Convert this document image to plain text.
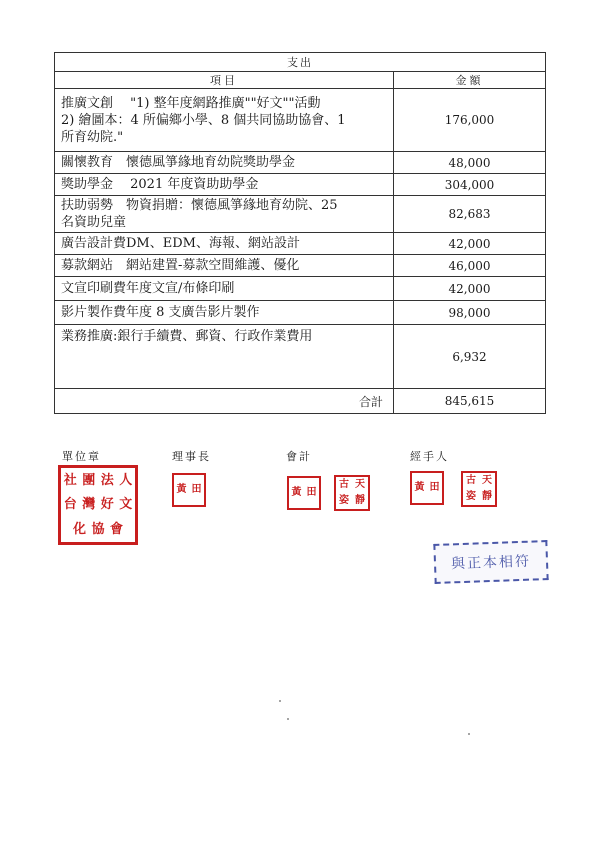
支出	
項目	金額

推廣文創　 "1) 整年度網路推廣""好文""活動
2) 繪圖本：4 所偏鄉小學、8 個共同協助協會、1
所育幼院."	176,000

關懷教育　懷德風箏緣地育幼院獎助學金	48,000

獎助學金　 2021 年度資助助學金	304,000

扶助弱勢　物資捐贈：懷德風箏緣地育幼院、25
名資助兒童	82,683

廣告設計費DM、EDM、海報、網站設計	42,000

募款網站　網站建置-募款空間維護、優化	46,000

文宣印刷費年度文宣/布條印刷	42,000

影片製作費年度 8 支廣告影片製作	98,000

業務推廣:銀行手續費、郵資、行政作業費用	6,932
合計	845,615
單位章	理事長	會計	經手人
社 團 法 人
台 灣 好 文
化 協 會
黃 田	黃 田
古 天
姿 靜
黃 田
古 天
姿 靜
與正本相符
